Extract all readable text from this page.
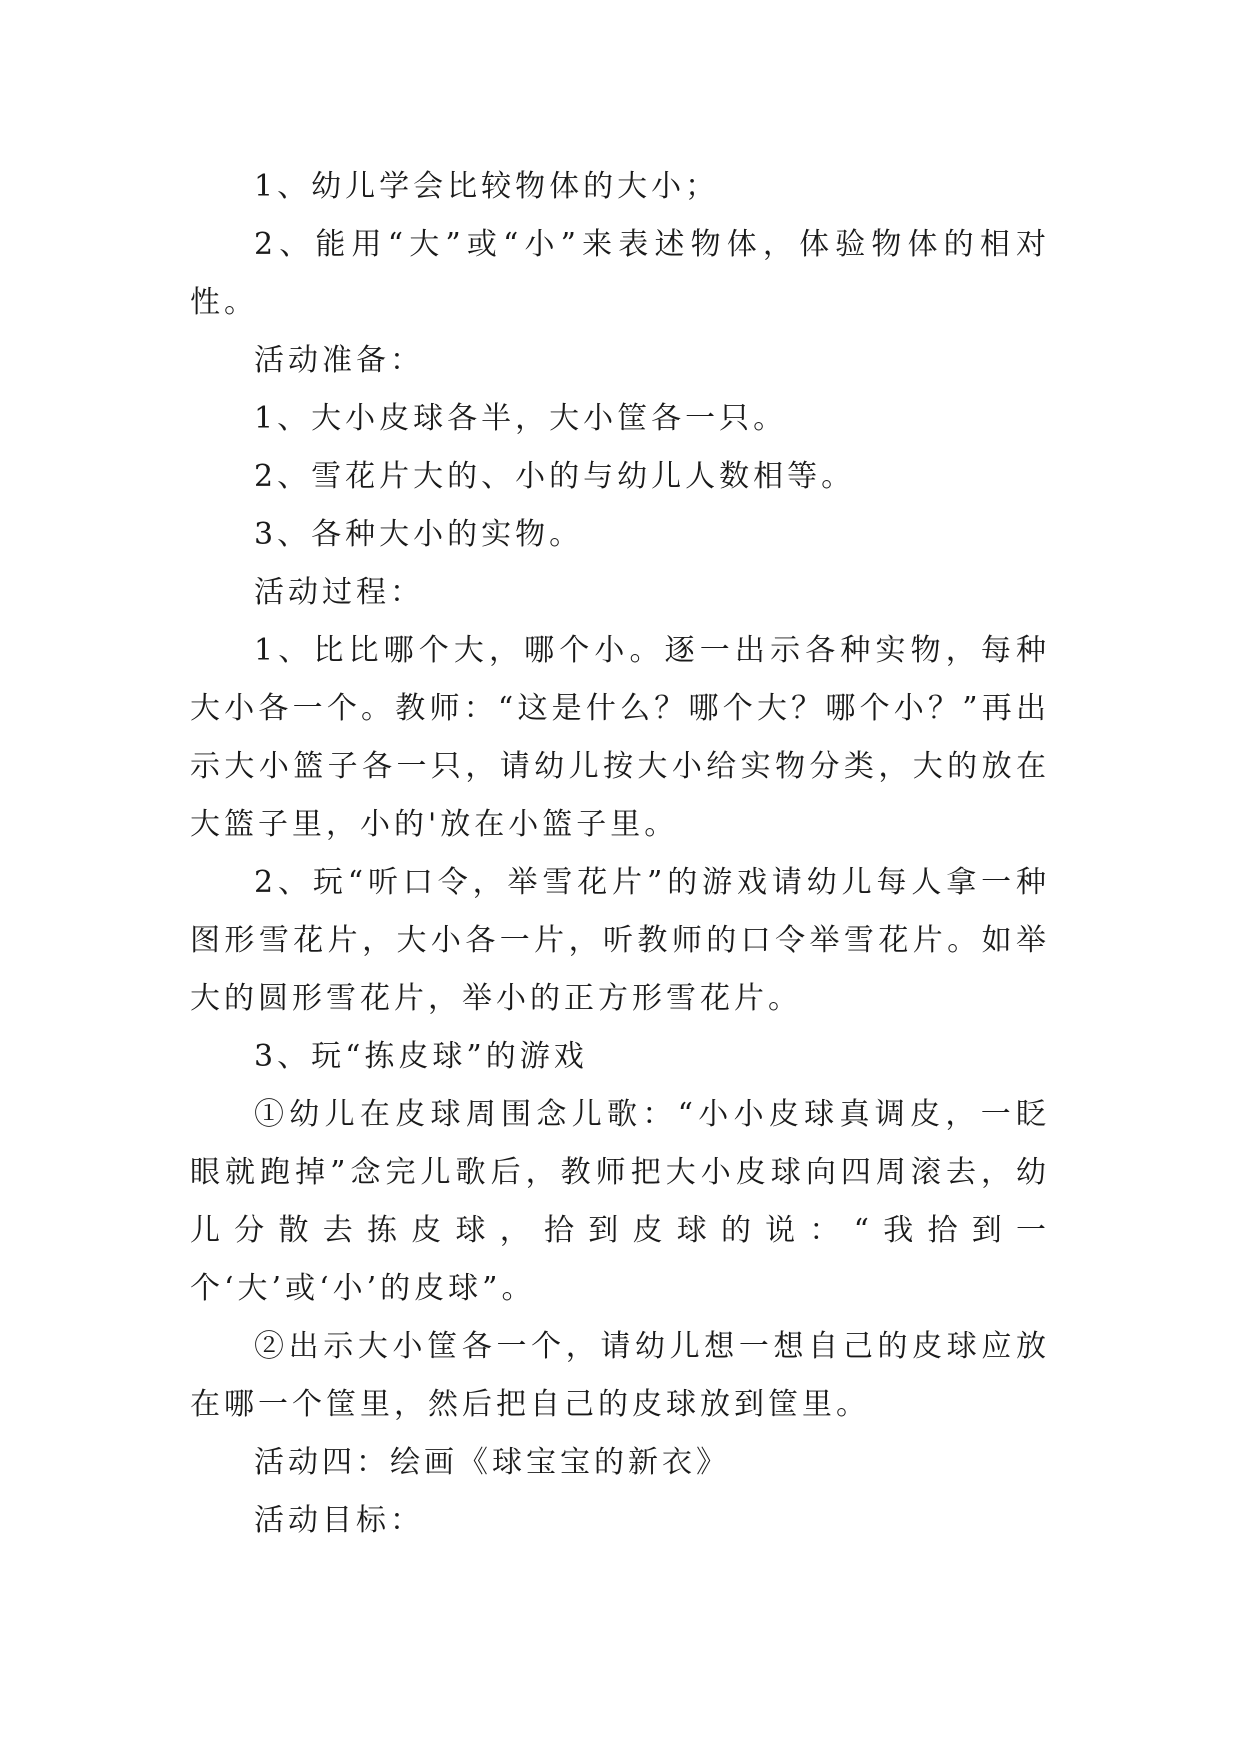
1、幼儿学会比较物体的大小；

2、能用“大”或“小”来表述物体，体验物体的相对性。

活动准备：

1、大小皮球各半，大小筐各一只。

2、雪花片大的、小的与幼儿人数相等。

3、各种大小的实物。

活动过程：

1、比比哪个大，哪个小。逐一出示各种实物，每种大小各一个。教师：“这是什么？哪个大？哪个小？”再出示大小篮子各一只，请幼儿按大小给实物分类，大的放在大篮子里，小的'放在小篮子里。

2、玩“听口令，举雪花片”的游戏请幼儿每人拿一种图形雪花片，大小各一片，听教师的口令举雪花片。如举大的圆形雪花片，举小的正方形雪花片。

3、玩“拣皮球”的游戏

①幼儿在皮球周围念儿歌：“小小皮球真调皮，一眨眼就跑掉”念完儿歌后，教师把大小皮球向四周滚去，幼儿分散去拣皮球，拾到皮球的说：“我拾到一个‘大’或‘小’的皮球”。

②出示大小筐各一个，请幼儿想一想自己的皮球应放在哪一个筐里，然后把自己的皮球放到筐里。

活动四：绘画《球宝宝的新衣》

活动目标：
